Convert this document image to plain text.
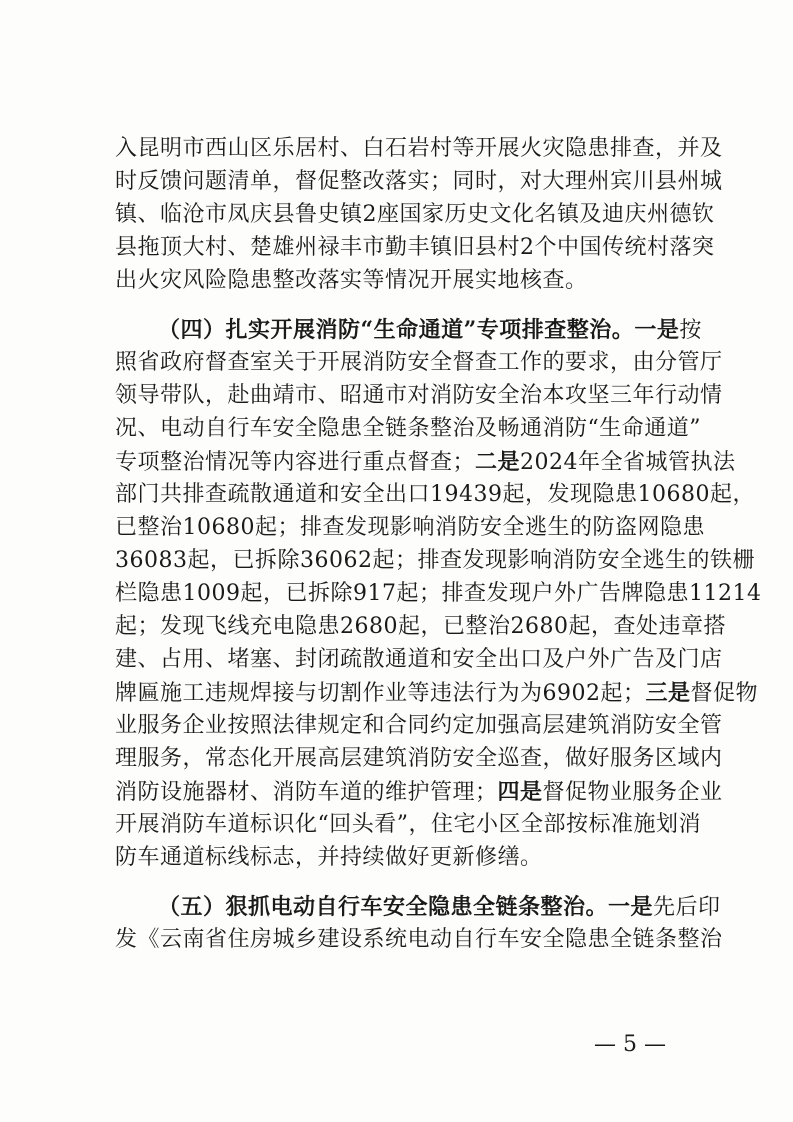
入昆明市西山区乐居村、白石岩村等开展火灾隐患排查，并及
时反馈问题清单，督促整改落实；同时，对大理州宾川县州城
镇、临沧市凤庆县鲁史镇2座国家历史文化名镇及迪庆州德钦
县拖顶大村、楚雄州禄丰市勤丰镇旧县村2个中国传统村落突
出火灾风险隐患整改落实等情况开展实地核查。
（四）扎实开展消防“生命通道”专项排查整治。一是按
照省政府督查室关于开展消防安全督查工作的要求，由分管厅
领导带队，赴曲靖市、昭通市对消防安全治本攻坚三年行动情
况、电动自行车安全隐患全链条整治及畅通消防“生命通道”
专项整治情况等内容进行重点督查；二是2024年全省城管执法
部门共排查疏散通道和安全出口19439起，发现隐患10680起，
已整治10680起；排查发现影响消防安全逃生的防盗网隐患
36083起，已拆除36062起；排查发现影响消防安全逃生的铁栅
栏隐患1009起，已拆除917起；排查发现户外广告牌隐患11214
起；发现飞线充电隐患2680起，已整治2680起，查处违章搭
建、占用、堵塞、封闭疏散通道和安全出口及户外广告及门店
牌匾施工违规焊接与切割作业等违法行为为6902起；三是督促物
业服务企业按照法律规定和合同约定加强高层建筑消防安全管
理服务，常态化开展高层建筑消防安全巡查，做好服务区域内
消防设施器材、消防车道的维护管理；四是督促物业服务企业
开展消防车道标识化“回头看”，住宅小区全部按标准施划消
防车通道标线标志，并持续做好更新修缮。
（五）狠抓电动自行车安全隐患全链条整治。一是先后印
发《云南省住房城乡建设系统电动自行车安全隐患全链条整治
— 5 —
